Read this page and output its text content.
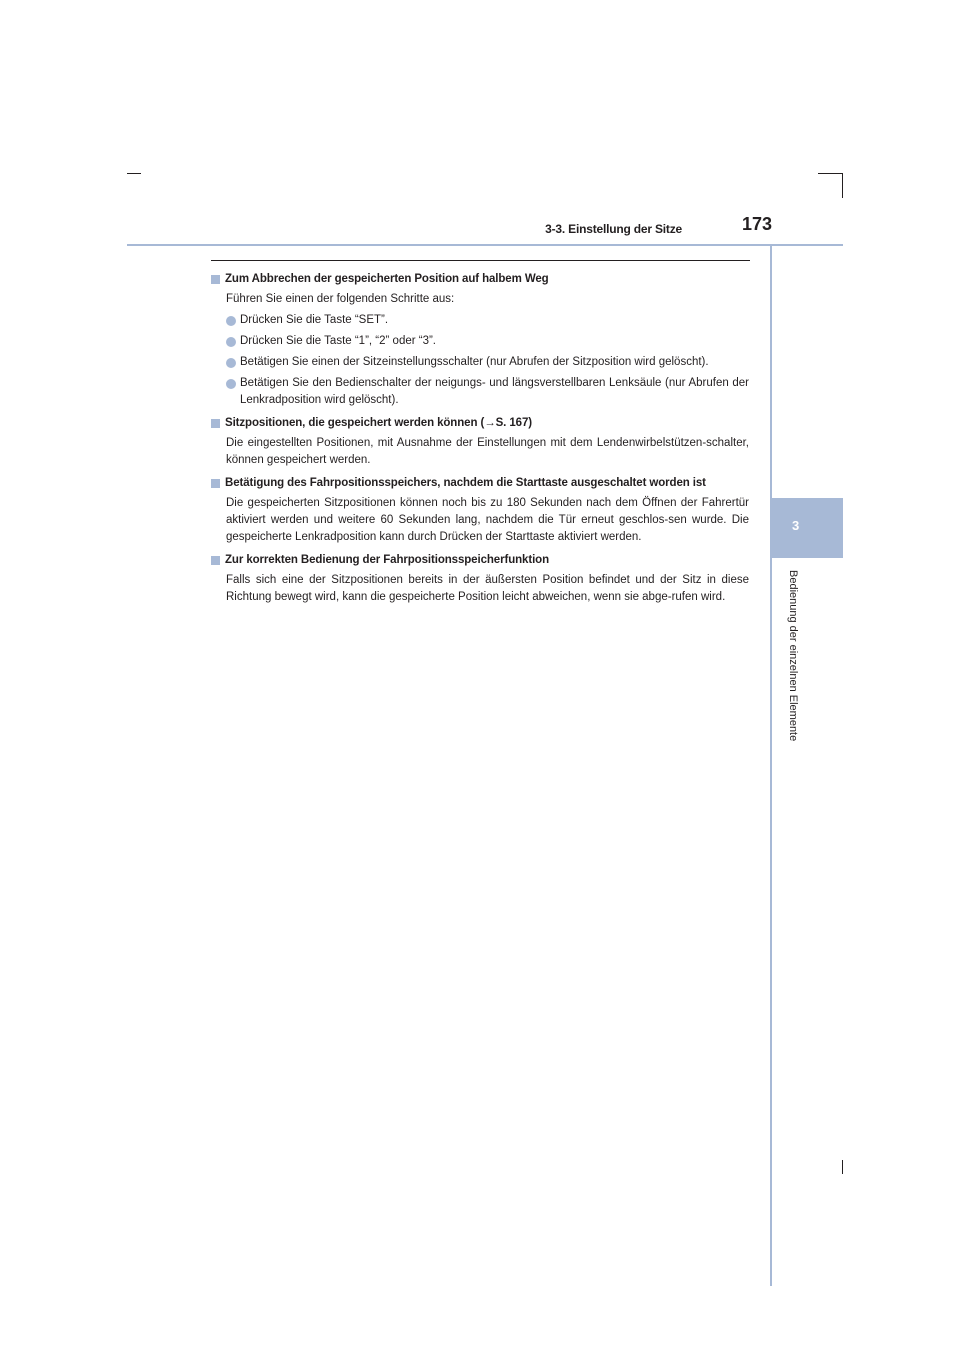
3-3. Einstellung der Sitze	173
3
Bedienung der einzelnen Elemente
Zum Abbrechen der gespeicherten Position auf halbem Weg

Führen Sie einen der folgenden Schritte aus:

Drücken Sie die Taste “SET”.
Drücken Sie die Taste “1”, “2” oder “3”.
Betätigen Sie einen der Sitzeinstellungsschalter (nur Abrufen der Sitzposition wird gelöscht).
Betätigen Sie den Bedienschalter der neigungs- und längsverstellbaren Lenksäule (nur Abrufen der Lenkradposition wird gelöscht).
Sitzpositionen, die gespeichert werden können (→S. 167)

Die eingestellten Positionen, mit Ausnahme der Einstellungen mit dem Lendenwirbelstützen-schalter, können gespeichert werden.

Betätigung des Fahrpositionsspeichers, nachdem die Starttaste ausgeschaltet worden ist

Die gespeicherten Sitzpositionen können noch bis zu 180 Sekunden nach dem Öffnen der Fahrertür aktiviert werden und weitere 60 Sekunden lang, nachdem die Tür erneut geschlos-sen wurde. Die gespeicherte Lenkradposition kann durch Drücken der Starttaste aktiviert werden.

Zur korrekten Bedienung der Fahrpositionsspeicherfunktion

Falls sich eine der Sitzpositionen bereits in der äußersten Position befindet und der Sitz in diese Richtung bewegt wird, kann die gespeicherte Position leicht abweichen, wenn sie abge-rufen wird.
